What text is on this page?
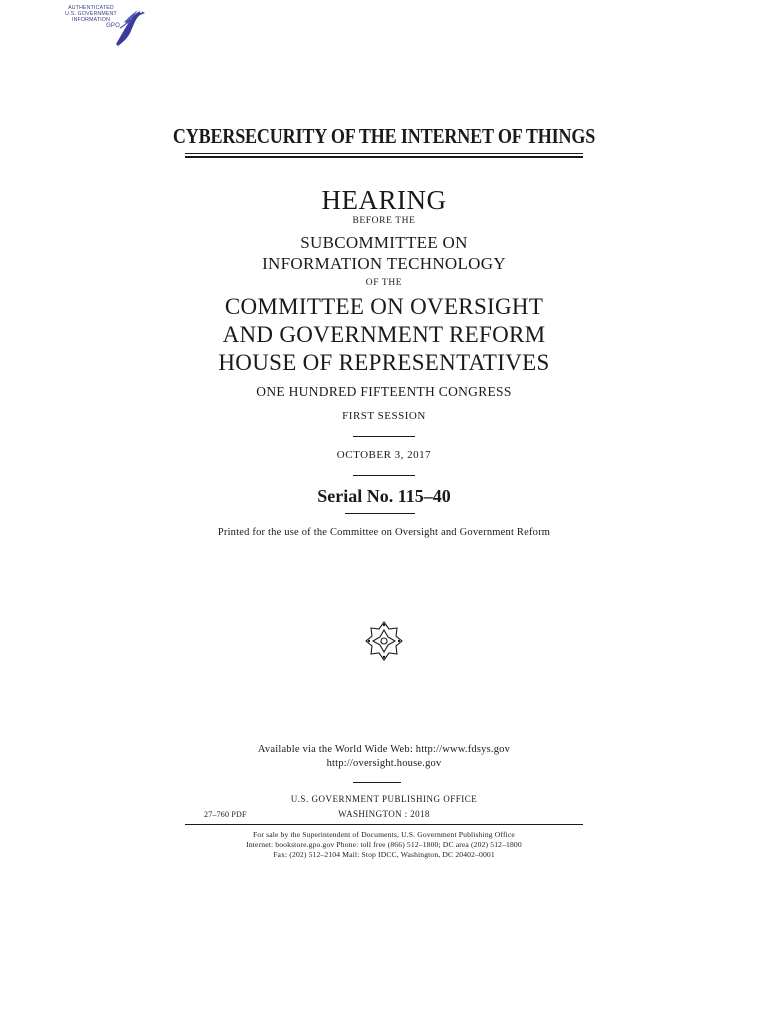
AUTHENTICATED
U.S. GOVERNMENT
INFORMATION
GPO
CYBERSECURITY OF THE INTERNET OF THINGS
HEARING
BEFORE THE
SUBCOMMITTEE ON
INFORMATION TECHNOLOGY
OF THE
COMMITTEE ON OVERSIGHT
AND GOVERNMENT REFORM
HOUSE OF REPRESENTATIVES
ONE HUNDRED FIFTEENTH CONGRESS
FIRST SESSION
OCTOBER 3, 2017
Serial No. 115–40
Printed for the use of the Committee on Oversight and Government Reform
Available via the World Wide Web: http://www.fdsys.gov
http://oversight.house.gov
U.S. GOVERNMENT PUBLISHING OFFICE
27–760 PDF	WASHINGTON : 2018
For sale by the Superintendent of Documents, U.S. Government Publishing Office
Internet: bookstore.gpo.gov Phone: toll free (866) 512–1800; DC area (202) 512–1800
Fax: (202) 512–2104 Mail: Stop IDCC, Washington, DC 20402–0001
